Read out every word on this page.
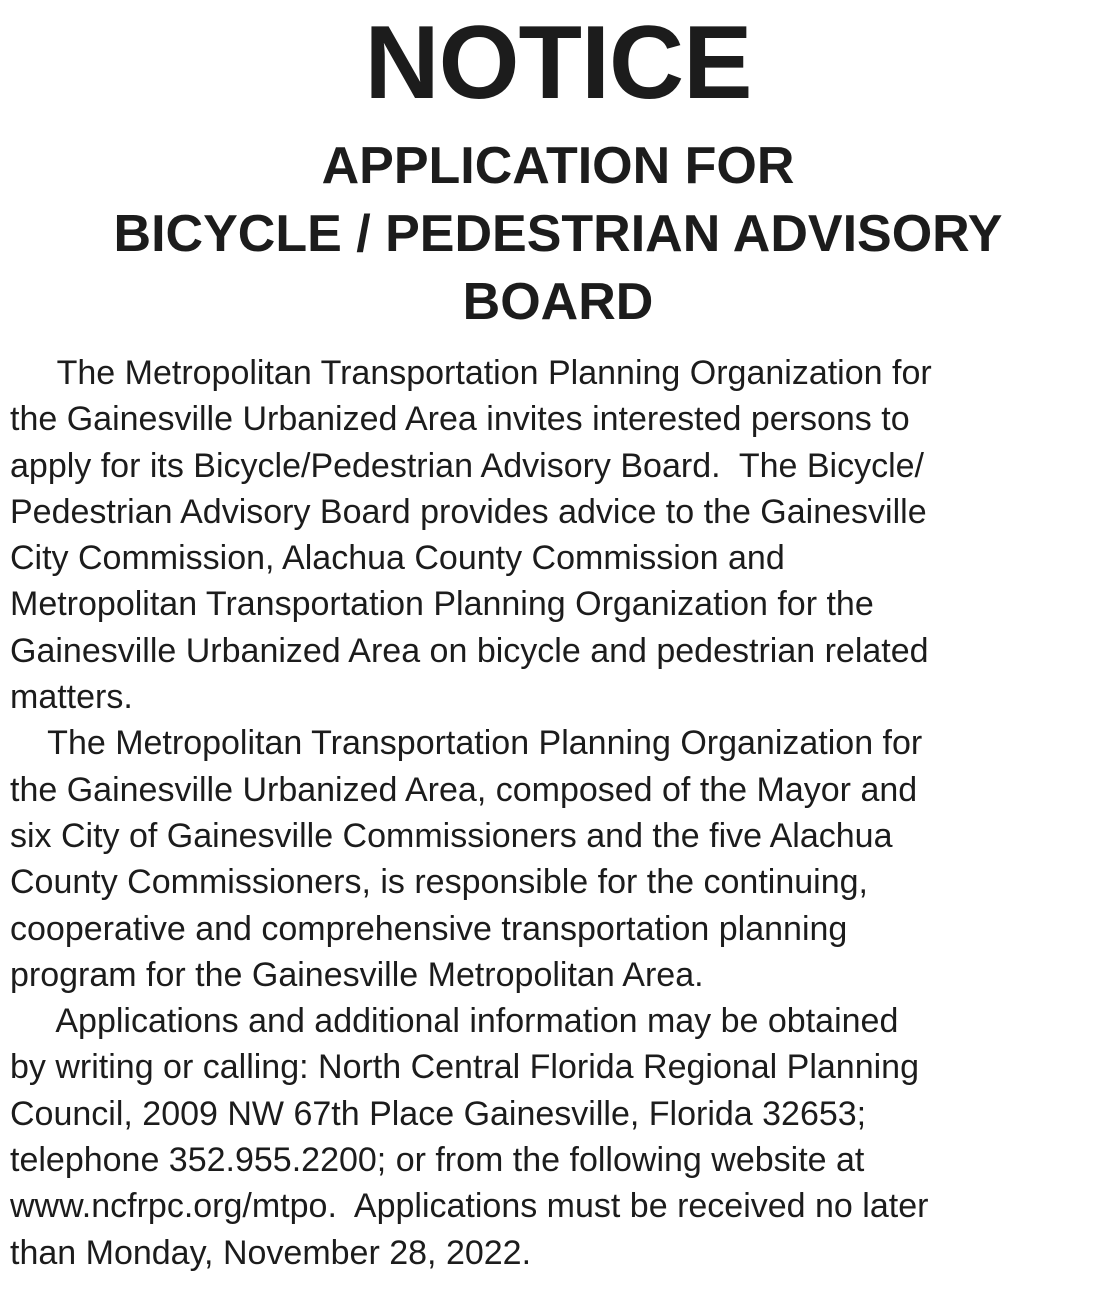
NOTICE
APPLICATION FOR
BICYCLE / PEDESTRIAN ADVISORY
BOARD
The Metropolitan Transportation Planning Organization for
the Gainesville Urbanized Area invites interested persons to
apply for its Bicycle/Pedestrian Advisory Board.  The Bicycle/
Pedestrian Advisory Board provides advice to the Gainesville
City Commission, Alachua County Commission and
Metropolitan Transportation Planning Organization for the
Gainesville Urbanized Area on bicycle and pedestrian related
matters.
The Metropolitan Transportation Planning Organization for
the Gainesville Urbanized Area, composed of the Mayor and
six City of Gainesville Commissioners and the five Alachua
County Commissioners, is responsible for the continuing,
cooperative and comprehensive transportation planning
program for the Gainesville Metropolitan Area.
Applications and additional information may be obtained
by writing or calling: North Central Florida Regional Planning
Council, 2009 NW 67th Place Gainesville, Florida 32653;
telephone 352.955.2200; or from the following website at
www.ncfrpc.org/mtpo.  Applications must be received no later
than Monday, November 28, 2022.
